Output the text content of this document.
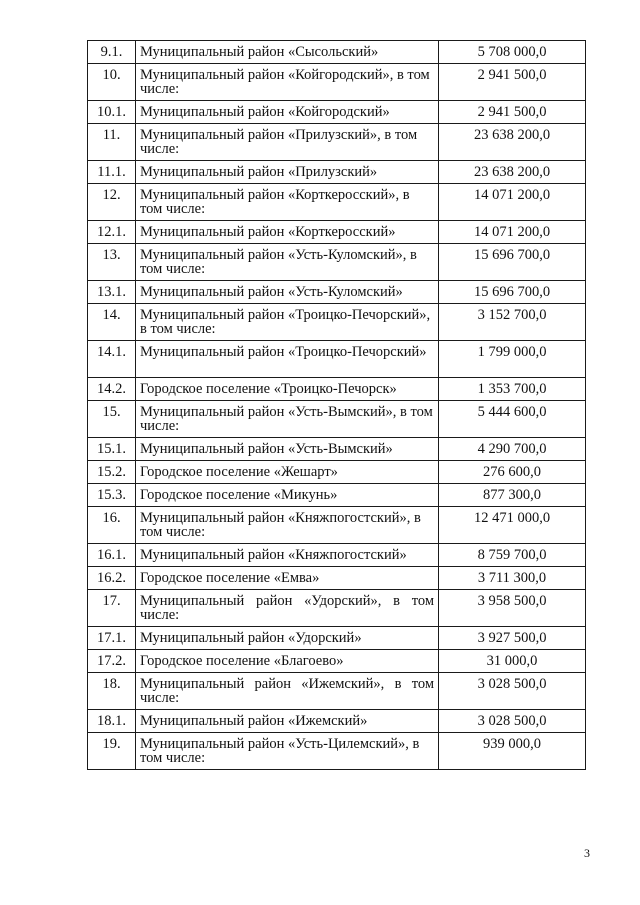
9.1.	Муниципальный район «Сысольский»	5 708 000,0
10.	Муниципальный район «Койгородский», в том числе:	2 941 500,0
10.1.	Муниципальный район «Койгородский»	2 941 500,0
11.	Муниципальный район «Прилузский», в том числе:	23 638 200,0
11.1.	Муниципальный район «Прилузский»	23 638 200,0
12.	Муниципальный район «Корткеросский», в том числе:	14 071 200,0
12.1.	Муниципальный район «Корткеросский»	14 071 200,0
13.	Муниципальный район «Усть-Куломский», в том числе:	15 696 700,0
13.1.	Муниципальный район «Усть-Куломский»	15 696 700,0
14.	Муниципальный район «Троицко-Печорский», в том числе:	3 152 700,0
14.1.	Муниципальный район «Троицко-Печорский»	1 799 000,0
14.2.	Городское поселение «Троицко-Печорск»	1 353 700,0
15.	Муниципальный район «Усть-Вымский», в том числе:	5 444 600,0
15.1.	Муниципальный район «Усть-Вымский»	4 290 700,0
15.2.	Городское поселение «Жешарт»	276 600,0
15.3.	Городское поселение «Микунь»	877 300,0
16.	Муниципальный район «Княжпогостский», в том числе:	12 471 000,0
16.1.	Муниципальный район «Княжпогостский»	8 759 700,0
16.2.	Городское поселение «Емва»	3 711 300,0
17.	Муниципальный район «Удорский», в том числе:	3 958 500,0
17.1.	Муниципальный район «Удорский»	3 927 500,0
17.2.	Городское поселение «Благоево»	31 000,0
18.	Муниципальный район «Ижемский», в том числе:	3 028 500,0
18.1.	Муниципальный район «Ижемский»	3 028 500,0
19.	Муниципальный район «Усть-Цилемский», в том числе:	939 000,0
3
